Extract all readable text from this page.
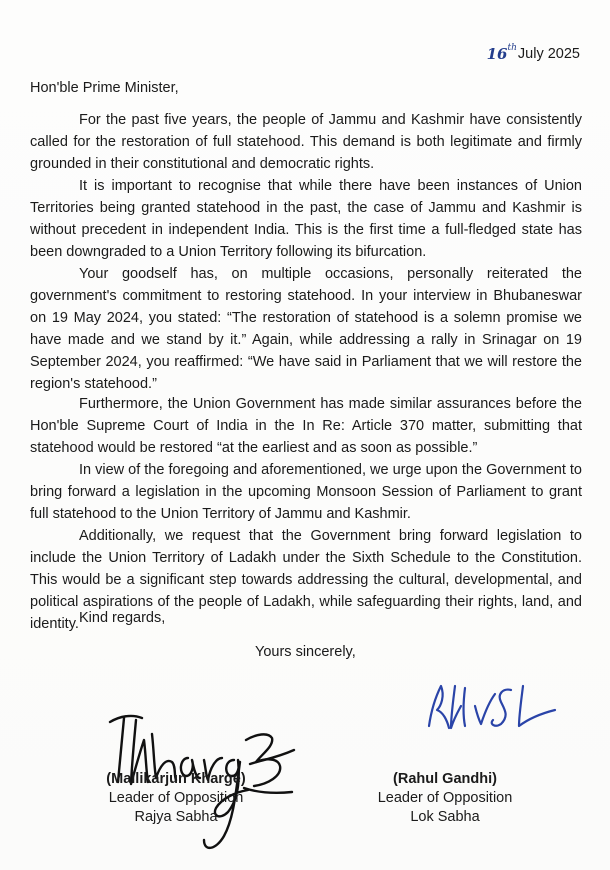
16 th July 2025
Hon'ble Prime Minister,

For the past five years, the people of Jammu and Kashmir have consistently called for the restoration of full statehood. This demand is both legitimate and firmly grounded in their constitutional and democratic rights.

It is important to recognise that while there have been instances of Union Territories being granted statehood in the past, the case of Jammu and Kashmir is without precedent in independent India. This is the first time a full-fledged state has been downgraded to a Union Territory following its bifurcation.

Your goodself has, on multiple occasions, personally reiterated the government's commitment to restoring statehood. In your interview in Bhubaneswar on 19 May 2024, you stated: “The restoration of statehood is a solemn promise we have made and we stand by it.” Again, while addressing a rally in Srinagar on 19 September 2024, you reaffirmed: “We have said in Parliament that we will restore the region's statehood.”

Furthermore, the Union Government has made similar assurances before the Hon'ble Supreme Court of India in the In Re: Article 370 matter, submitting that statehood would be restored “at the earliest and as soon as possible.”

In view of the foregoing and aforementioned, we urge upon the Government to bring forward a legislation in the upcoming Monsoon Session of Parliament to grant full statehood to the Union Territory of Jammu and Kashmir.

Additionally, we request that the Government bring forward legislation to include the Union Territory of Ladakh under the Sixth Schedule to the Constitution. This would be a significant step towards addressing the cultural, developmental, and political aspirations of the people of Ladakh, while safeguarding their rights, land, and identity. Kind regards,
Yours sincerely,
(Mallikarjun Kharge)
Leader of Opposition
Rajya Sabha
(Rahul Gandhi)
Leader of Opposition
Lok Sabha
